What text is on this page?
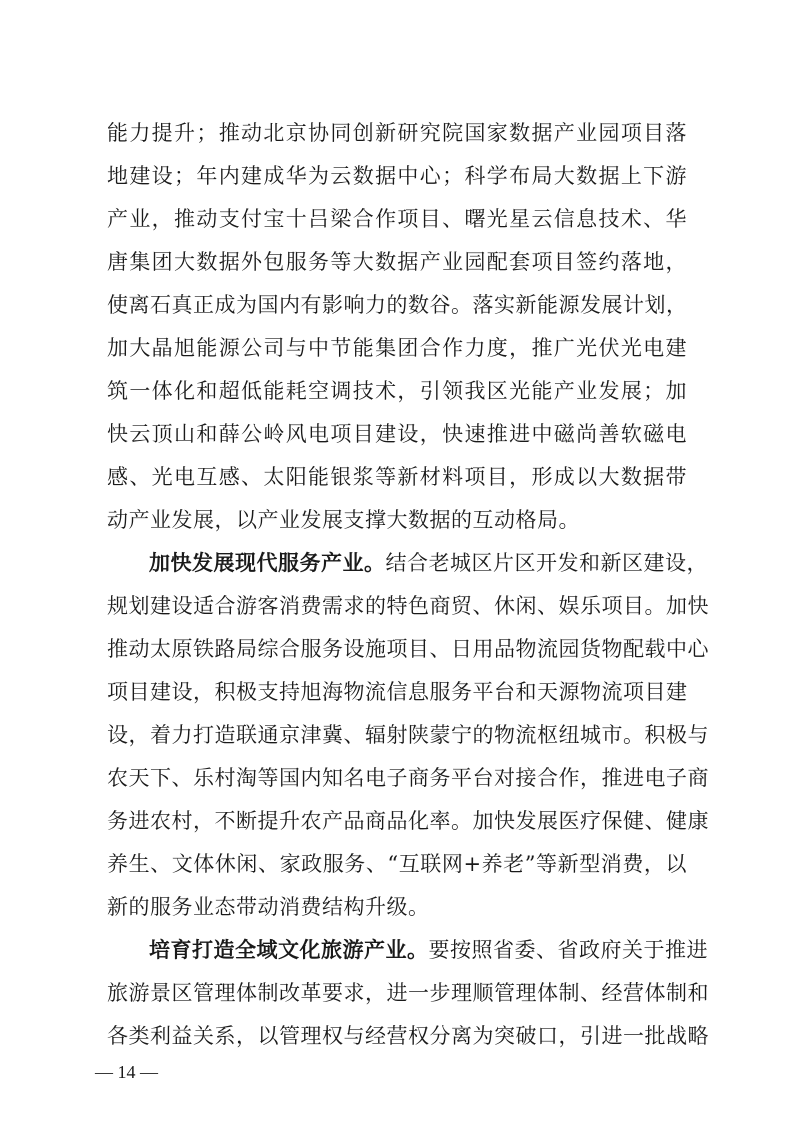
能力提升；推动北京协同创新研究院国家数据产业园项目落
地建设；年内建成华为云数据中心；科学布局大数据上下游
产业，推动支付宝十吕梁合作项目、曙光星云信息技术、华
唐集团大数据外包服务等大数据产业园配套项目签约落地，
使离石真正成为国内有影响力的数谷。落实新能源发展计划，
加大晶旭能源公司与中节能集团合作力度，推广光伏光电建
筑一体化和超低能耗空调技术，引领我区光能产业发展；加
快云顶山和薛公岭风电项目建设，快速推进中磁尚善软磁电
感、光电互感、太阳能银浆等新材料项目，形成以大数据带
动产业发展，以产业发展支撑大数据的互动格局。
加快发展现代服务产业。结合老城区片区开发和新区建设，
规划建设适合游客消费需求的特色商贸、休闲、娱乐项目。加快
推动太原铁路局综合服务设施项目、日用品物流园货物配载中心
项目建设，积极支持旭海物流信息服务平台和天源物流项目建
设，着力打造联通京津冀、辐射陕蒙宁的物流枢纽城市。积极与
农天下、乐村淘等国内知名电子商务平台对接合作，推进电子商
务进农村，不断提升农产品商品化率。加快发展医疗保健、健康
养生、文体休闲、家政服务、“互联网+养老”等新型消费，以
新的服务业态带动消费结构升级。
培育打造全域文化旅游产业。要按照省委、省政府关于推进
旅游景区管理体制改革要求，进一步理顺管理体制、经营体制和
各类利益关系，以管理权与经营权分离为突破口，引进一批战略
— 14 —
